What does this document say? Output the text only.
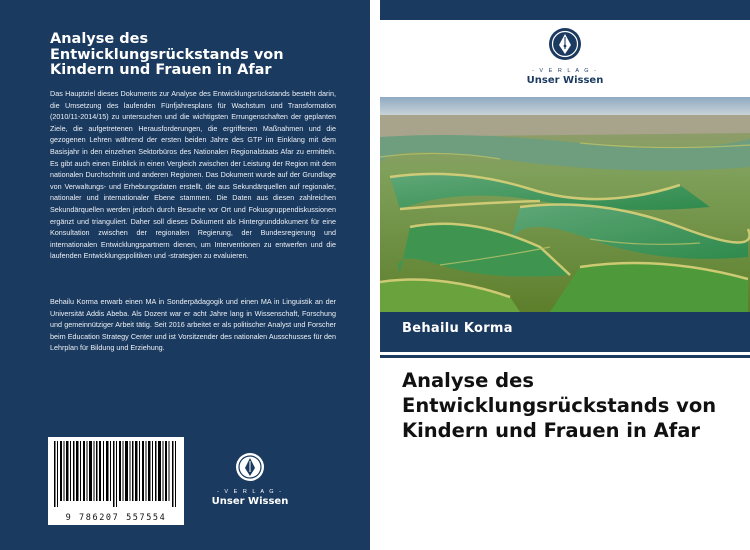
Analyse des Entwicklungsrückstands von Kindern und Frauen in Afar

Das Hauptziel dieses Dokuments zur Analyse des Entwicklungsrückstands besteht darin, die Umsetzung des laufenden Fünfjahresplans für Wachstum und Transformation (2010/11-2014/15) zu untersuchen und die wichtigsten Errungenschaften der geplanten Ziele, die aufgetretenen Herausforderungen, die ergriffenen Maßnahmen und die gezogenen Lehren während der ersten beiden Jahre des GTP im Einklang mit dem Basisjahr in den einzelnen Sektorbüros des Nationalen Regionalstaats Afar zu ermitteln. Es gibt auch einen Einblick in einen Vergleich zwischen der Leistung der Region mit dem nationalen Durchschnitt und anderen Regionen. Das Dokument wurde auf der Grundlage von Verwaltungs- und Erhebungsdaten erstellt, die aus Sekundärquellen auf regionaler, nationaler und internationaler Ebene stammen. Die Daten aus diesen zahlreichen Sekundärquellen werden jedoch durch Besuche vor Ort und Fokusgruppendiskussionen ergänzt und trianguliert. Daher soll dieses Dokument als Hintergrunddokument für eine Konsultation zwischen der regionalen Regierung, der Bundesregierung und internationalen Entwicklungspartnern dienen, um Interventionen zu entwerfen und die laufenden Entwicklungspolitiken und -strategien zu evaluieren.

Behailu Korma erwarb einen MA in Sonderpädagogik und einen MA in Linguistik an der Universität Addis Abeba. Als Dozent war er acht Jahre lang in Wissenschaft, Forschung und gemeinnütziger Arbeit tätig. Seit 2016 arbeitet er als politischer Analyst und Forscher beim Education Strategy Center und ist Vorsitzender des nationalen Ausschusses für den Lehrplan für Bildung und Erziehung.

9 786207 557554
- V E R L A G -
Unser Wissen
- V E R L A G -
Unser Wissen
Behailu Korma
Analyse des Entwicklungsrückstands von Kindern und Frauen in Afar
